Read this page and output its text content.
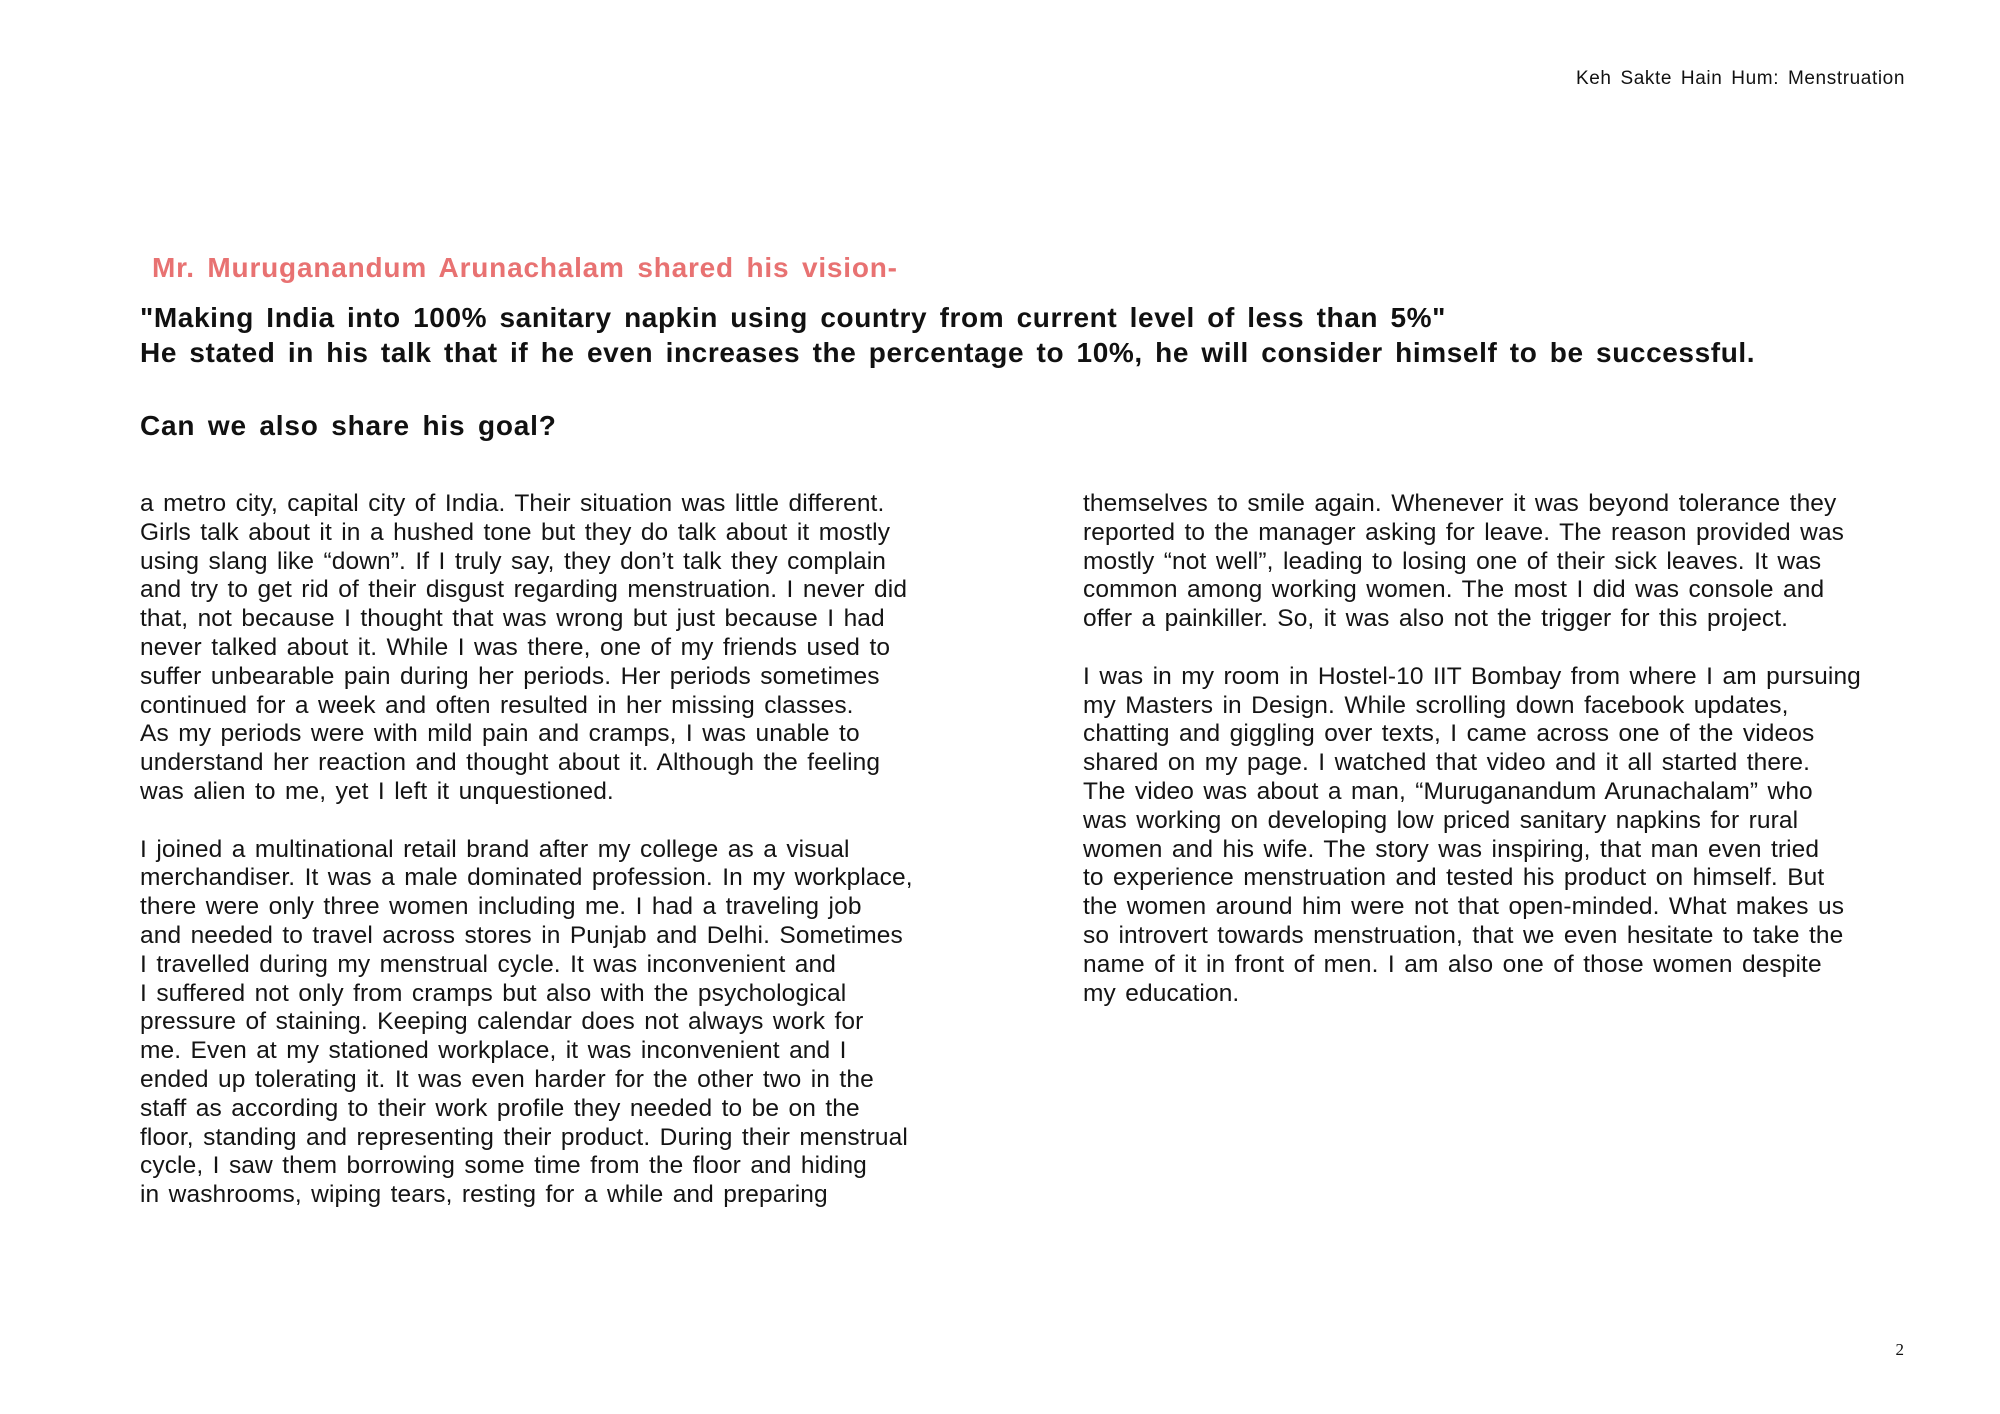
Keh Sakte Hain Hum: Menstruation
Mr. Muruganandum Arunachalam shared his vision-
"Making India into 100% sanitary napkin using country from current level of less than 5%"
He stated in his talk that if he even increases the percentage to 10%, he will consider himself to be successful.
Can we also share his goal?
a metro city, capital city of India. Their situation was little different.
Girls talk about it in a hushed tone but they do talk about it mostly
using slang like “down”. If I truly say, they don’t talk they complain
and try to get rid of their disgust regarding menstruation. I never did
that, not because I thought that was wrong but just because I had
never talked about it. While I was there, one of my friends used to
suffer unbearable pain during her periods. Her periods sometimes
continued for a week and often resulted in her missing classes.
As my periods were with mild pain and cramps, I was unable to
understand her reaction and thought about it. Although the feeling
was alien to me, yet I left it unquestioned.
I joined a multinational retail brand after my college as a visual
merchandiser. It was a male dominated profession. In my workplace,
there were only three women including me. I had a traveling job
and needed to travel across stores in Punjab and Delhi. Sometimes
I travelled during my menstrual cycle. It was inconvenient and
I suffered not only from cramps but also with the psychological
pressure of staining. Keeping calendar does not always work for
me. Even at my stationed workplace, it was inconvenient and I
ended up tolerating it. It was even harder for the other two in the
staff as according to their work profile they needed to be on the
floor, standing and representing their product. During their menstrual
cycle, I saw them borrowing some time from the floor and hiding
in washrooms, wiping tears, resting for a while and preparing
themselves to smile again. Whenever it was beyond tolerance they
reported to the manager asking for leave. The reason provided was
mostly “not well”, leading to losing one of their sick leaves. It was
common among working women. The most I did was console and
offer a painkiller. So, it was also not the trigger for this project.
I was in my room in Hostel-10 IIT Bombay from where I am pursuing
my Masters in Design. While scrolling down facebook updates,
chatting and giggling over texts, I came across one of the videos
shared on my page. I watched that video and it all started there.
The video was about a man, “Muruganandum Arunachalam” who
was working on developing low priced sanitary napkins for rural
women and his wife. The story was inspiring, that man even tried
to experience menstruation and tested his product on himself. But
the women around him were not that open-minded. What makes us
so introvert towards menstruation, that we even hesitate to take the
name of it in front of men. I am also one of those women despite
my education.
2
